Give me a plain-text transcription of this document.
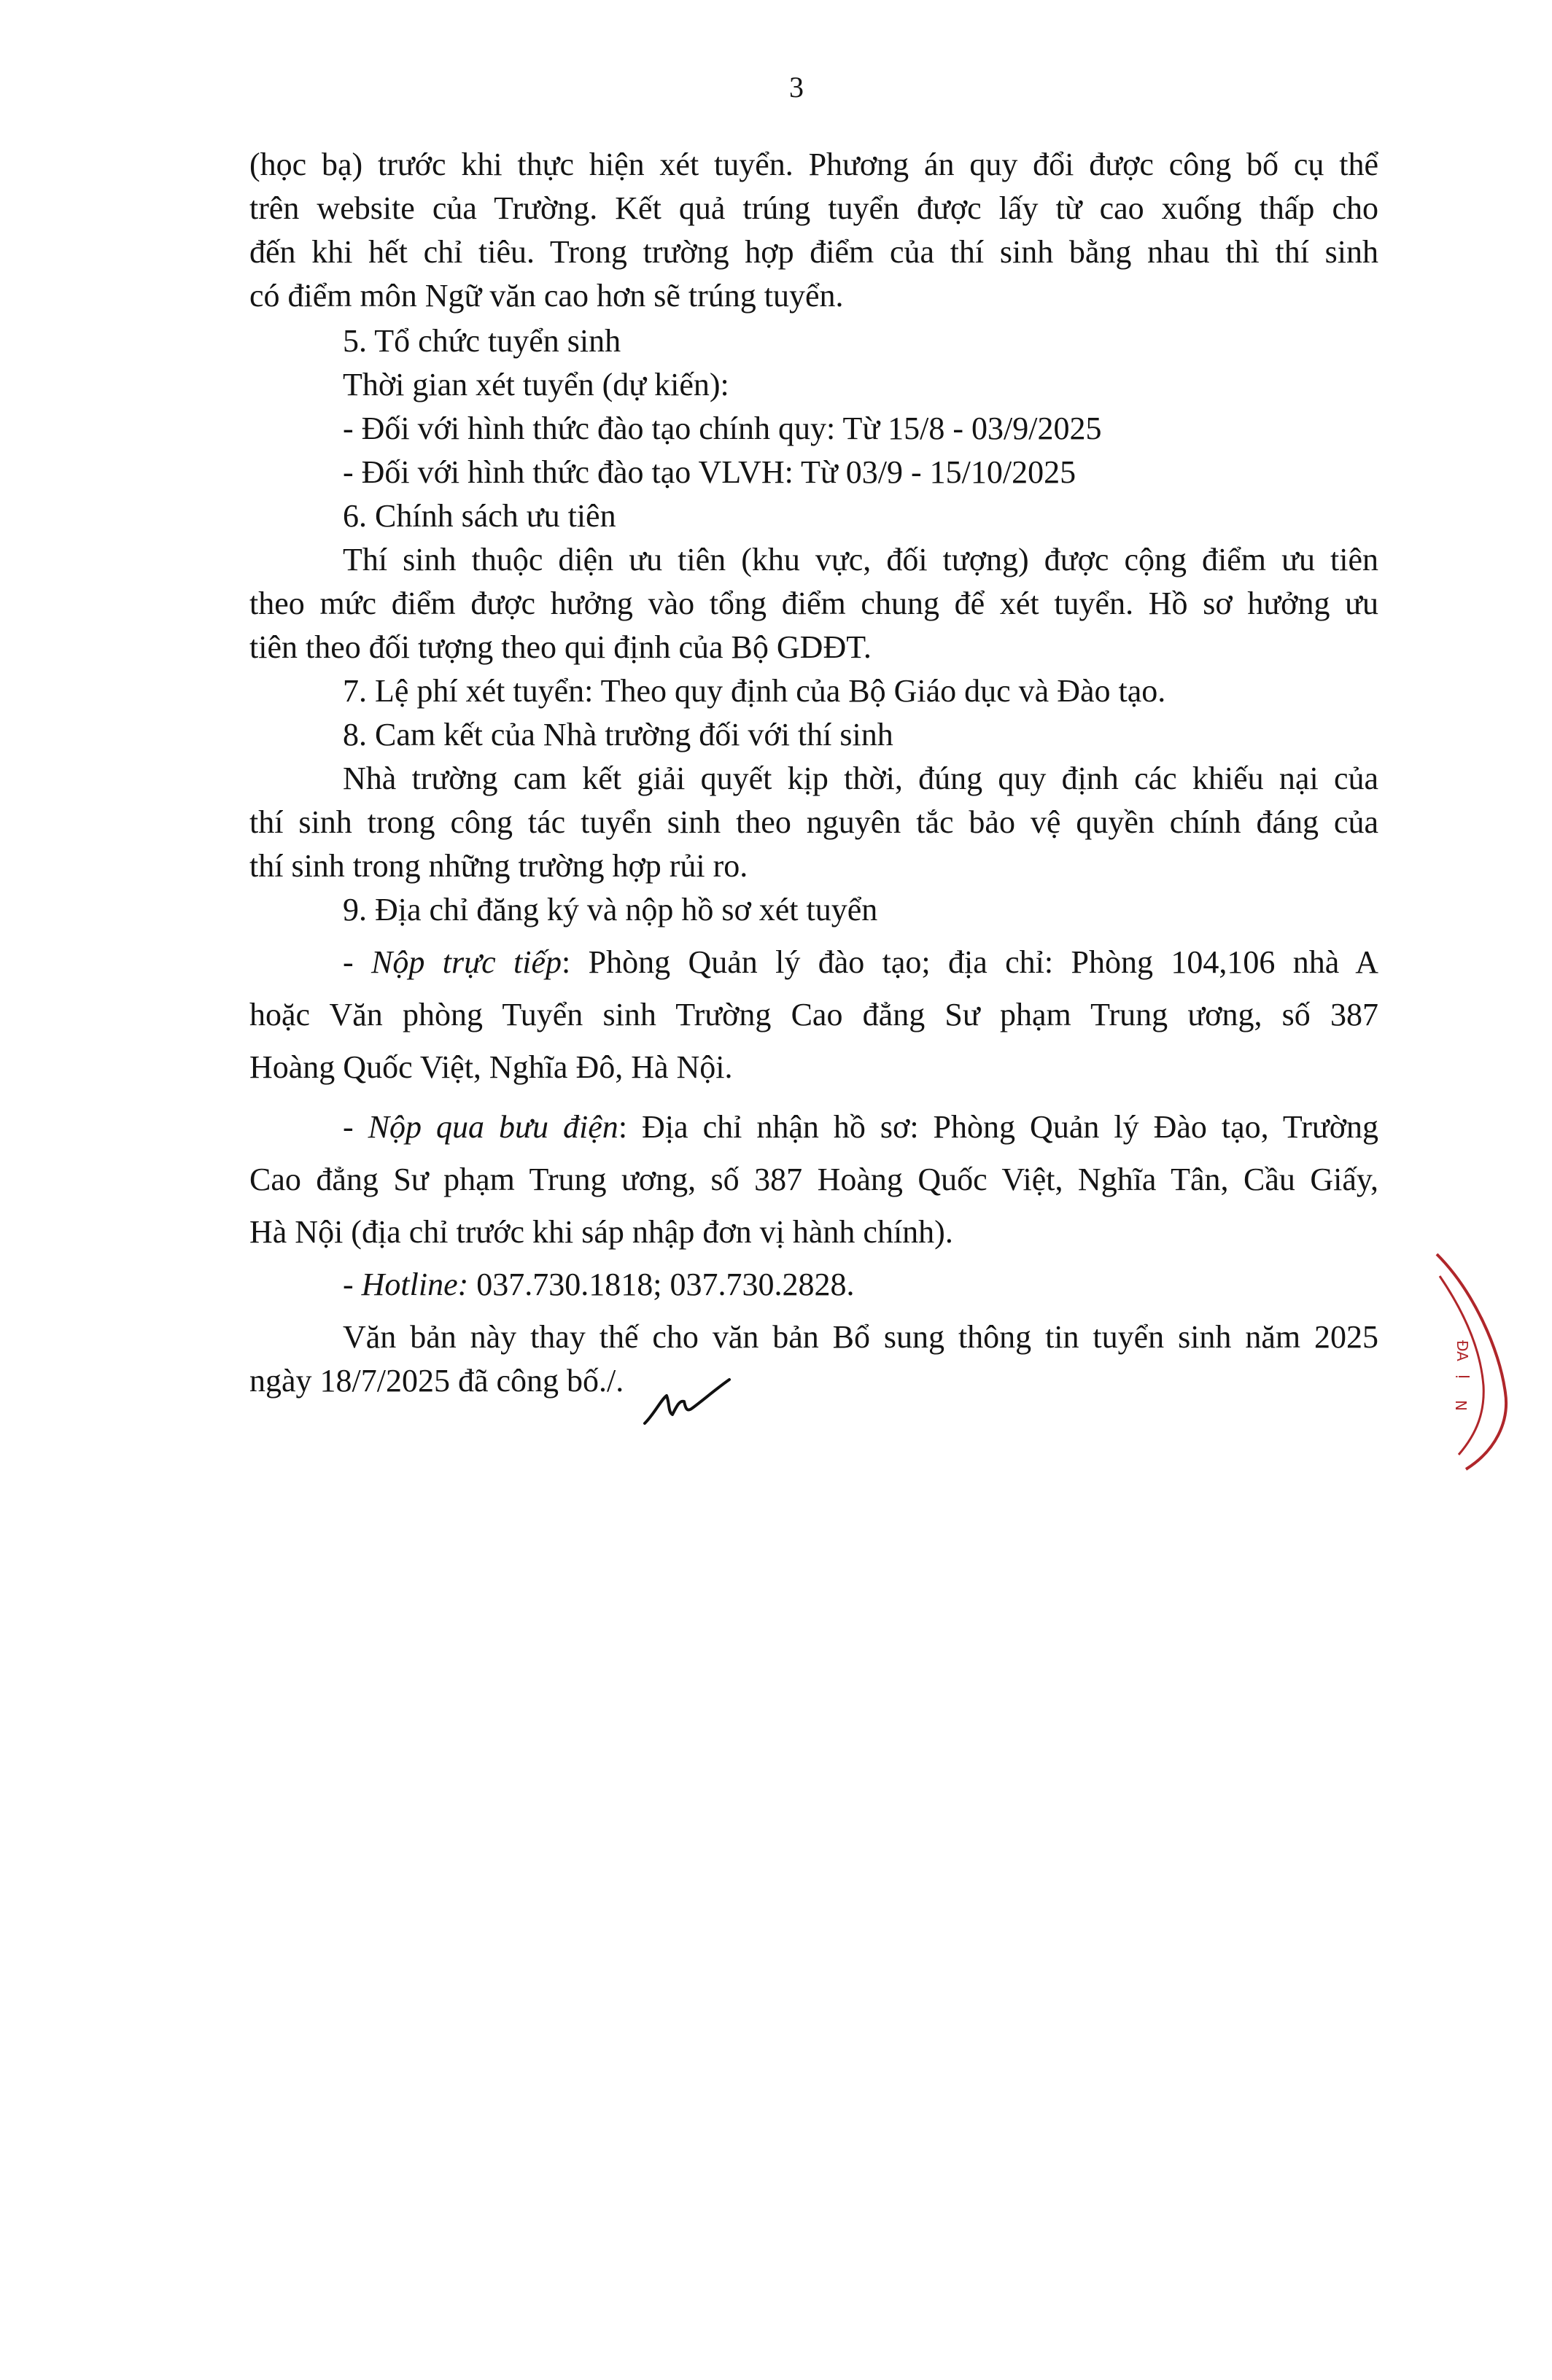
3
(học bạ) trước khi thực hiện xét tuyển. Phương án quy đổi được công bố cụ thể
trên website của Trường. Kết quả trúng tuyển được lấy từ cao xuống thấp cho
đến khi hết chỉ tiêu. Trong trường hợp điểm của thí sinh bằng nhau thì thí sinh
có điểm môn Ngữ văn cao hơn sẽ trúng tuyển.
5. Tổ chức tuyển sinh
Thời gian xét tuyển (dự kiến):
- Đối với hình thức đào tạo chính quy: Từ 15/8 - 03/9/2025
- Đối với hình thức đào tạo VLVH: Từ 03/9 - 15/10/2025
6. Chính sách ưu tiên
Thí sinh thuộc diện ưu tiên (khu vực, đối tượng) được cộng điểm ưu tiên
theo mức điểm được hưởng vào tổng điểm chung để xét tuyển. Hồ sơ hưởng ưu
tiên theo đối tượng theo qui định của Bộ GDĐT.
7. Lệ phí xét tuyển: Theo quy định của Bộ Giáo dục và Đào tạo.
8. Cam kết của Nhà trường đối với thí sinh
Nhà trường cam kết giải quyết kịp thời, đúng quy định các khiếu nại của
thí sinh trong công tác tuyển sinh theo nguyên tắc bảo vệ quyền chính đáng của
thí sinh trong những trường hợp rủi ro.
9. Địa chỉ đăng ký và nộp hồ sơ xét tuyển
- Nộp trực tiếp: Phòng Quản lý đào tạo; địa chỉ: Phòng 104,106 nhà A
hoặc Văn phòng Tuyển sinh Trường Cao đẳng Sư phạm Trung ương, số 387
Hoàng Quốc Việt, Nghĩa Đô, Hà Nội.
- Nộp qua bưu điện: Địa chỉ nhận hồ sơ: Phòng Quản lý Đào tạo, Trường
Cao đẳng Sư phạm Trung ương, số 387 Hoàng Quốc Việt, Nghĩa Tân, Cầu Giấy,
Hà Nội (địa chỉ trước khi sáp nhập đơn vị hành chính).
- Hotline: 037.730.1818; 037.730.2828.
Văn bản này thay thế cho văn bản Bổ sung thông tin tuyển sinh năm 2025
ngày 18/7/2025 đã công bố./.
ĐA
Ị
N
